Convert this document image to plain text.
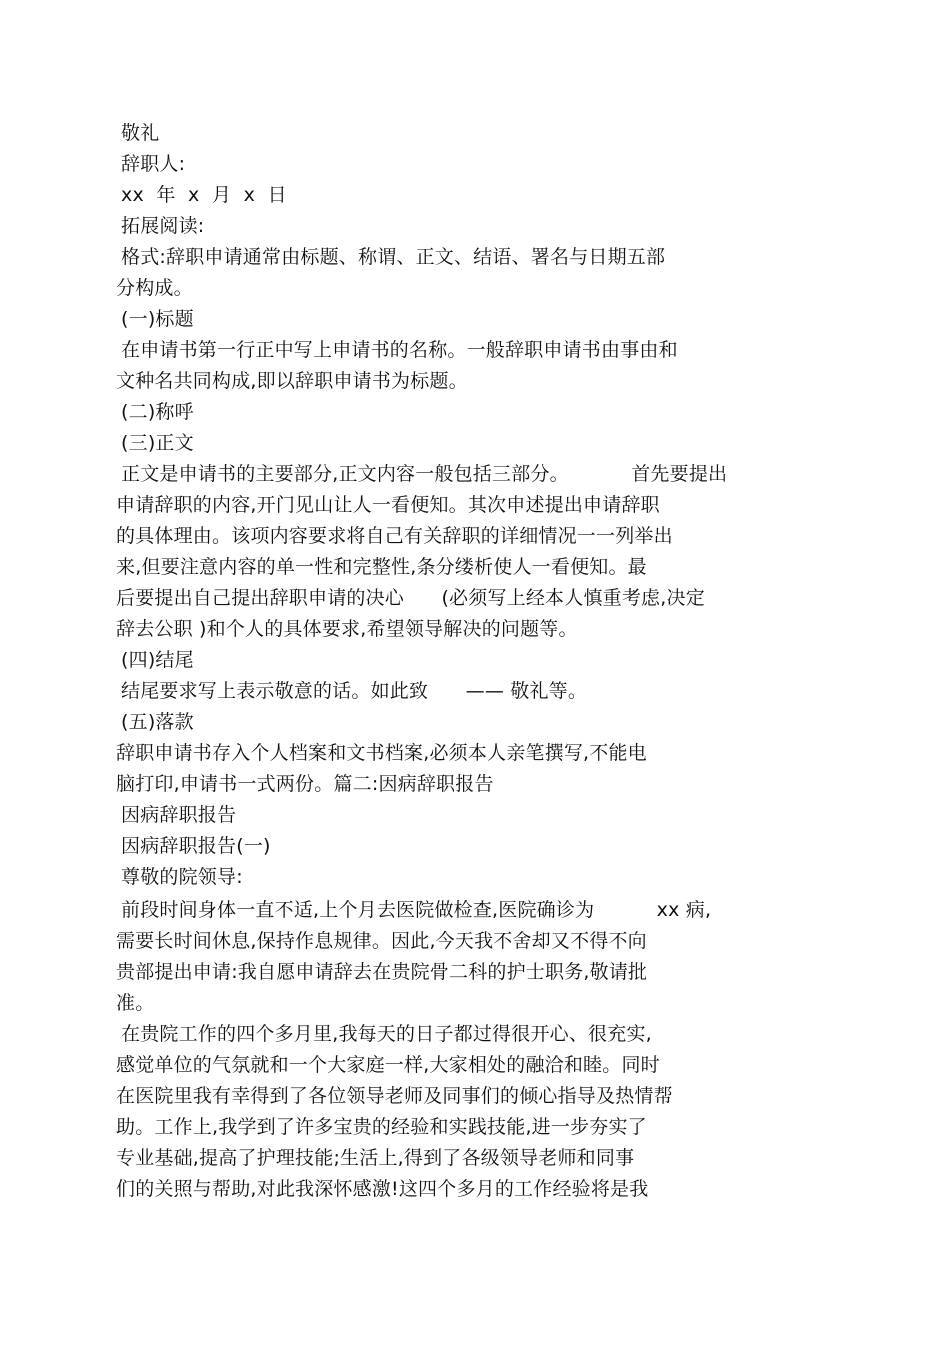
敬礼
辞职人:
xx  年  x  月  x  日
拓展阅读:
格式:辞职申请通常由标题、称谓、正文、结语、署名与日期五部
分构成。
(一)标题
在申请书第一行正中写上申请书的名称。一般辞职申请书由事由和
文种名共同构成,即以辞职申请书为标题。
(二)称呼
(三)正文
正文是申请书的主要部分,正文内容一般包括三部分。          首先要提出
申请辞职的内容,开门见山让人一看便知。其次申述提出申请辞职
的具体理由。该项内容要求将自己有关辞职的详细情况一一列举出
来,但要注意内容的单一性和完整性,条分缕析使人一看便知。最
后要提出自己提出辞职申请的决心      (必须写上经本人慎重考虑,决定
辞去公职 )和个人的具体要求,希望领导解决的问题等。
(四)结尾
结尾要求写上表示敬意的话。如此致      —— 敬礼等。
(五)落款
辞职申请书存入个人档案和文书档案,必须本人亲笔撰写,不能电
脑打印,申请书一式两份。篇二:因病辞职报告
因病辞职报告
因病辞职报告(一)
尊敬的院领导:
前段时间身体一直不适,上个月去医院做检查,医院确诊为          xx 病,
需要长时间休息,保持作息规律。因此,今天我不舍却又不得不向
贵部提出申请:我自愿申请辞去在贵院骨二科的护士职务,敬请批
准。
在贵院工作的四个多月里,我每天的日子都过得很开心、很充实,
感觉单位的气氛就和一个大家庭一样,大家相处的融洽和睦。同时
在医院里我有幸得到了各位领导老师及同事们的倾心指导及热情帮
助。工作上,我学到了许多宝贵的经验和实践技能,进一步夯实了
专业基础,提高了护理技能;生活上,得到了各级领导老师和同事
们的关照与帮助,对此我深怀感激!这四个多月的工作经验将是我
